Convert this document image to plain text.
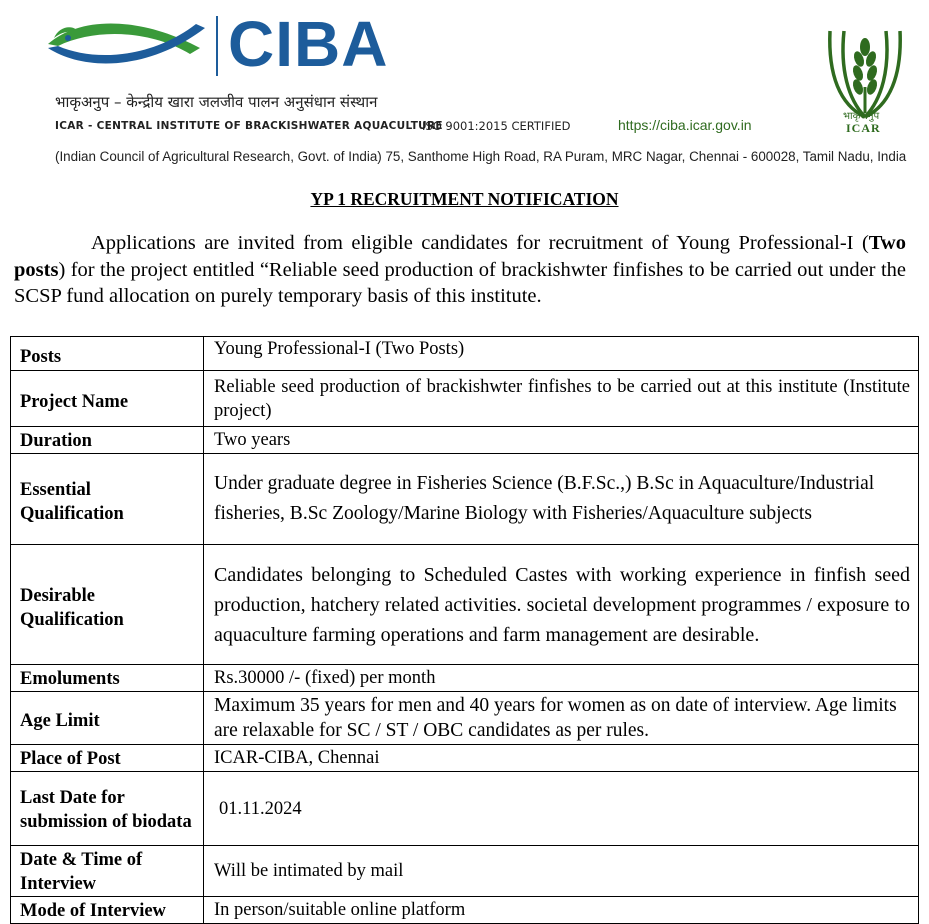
CIBA
भाकृअनुप – केन्द्रीय खारा जलजीव पालन अनुसंधान संस्थान
ICAR - CENTRAL INSTITUTE OF BRACKISHWATER AQUACULTURE
ISO 9001:2015 CERTIFIED	https://ciba.icar.gov.in
भाकृअनुप
ICAR
(Indian Council of Agricultural Research, Govt. of India) 75, Santhome High Road, RA Puram, MRC Nagar, Chennai - 600028, Tamil Nadu, India
YP 1 RECRUITMENT NOTIFICATION

Applications are invited from eligible candidates for recruitment of Young Professional-I (Two posts) for the project entitled “Reliable seed production of brackishwter finfishes to be carried out under the SCSP fund allocation on purely temporary basis of this institute.

Posts	Young Professional-I (Two Posts)
Project Name	Reliable seed production of brackishwter finfishes to be carried out at this institute (Institute project)
Duration	Two years
Essential Qualification	Under graduate degree in Fisheries Science (B.F.Sc.,) B.Sc in Aquaculture/Industrial fisheries, B.Sc Zoology/Marine Biology with Fisheries/Aquaculture subjects
Desirable Qualification	Candidates belonging to Scheduled Castes with working experience in finfish seed production, hatchery related activities. societal development programmes / exposure to aquaculture farming operations and farm management are desirable.
Emoluments	Rs.30000 /- (fixed) per month
Age Limit	Maximum 35 years for men and 40 years for women as on date of interview. Age limits are relaxable for SC / ST / OBC candidates as per rules.
Place of Post	ICAR-CIBA, Chennai
Last Date for submission of biodata	01.11.2024
Date & Time of Interview	Will be intimated by mail
Mode of Interview	In person/suitable online platform
